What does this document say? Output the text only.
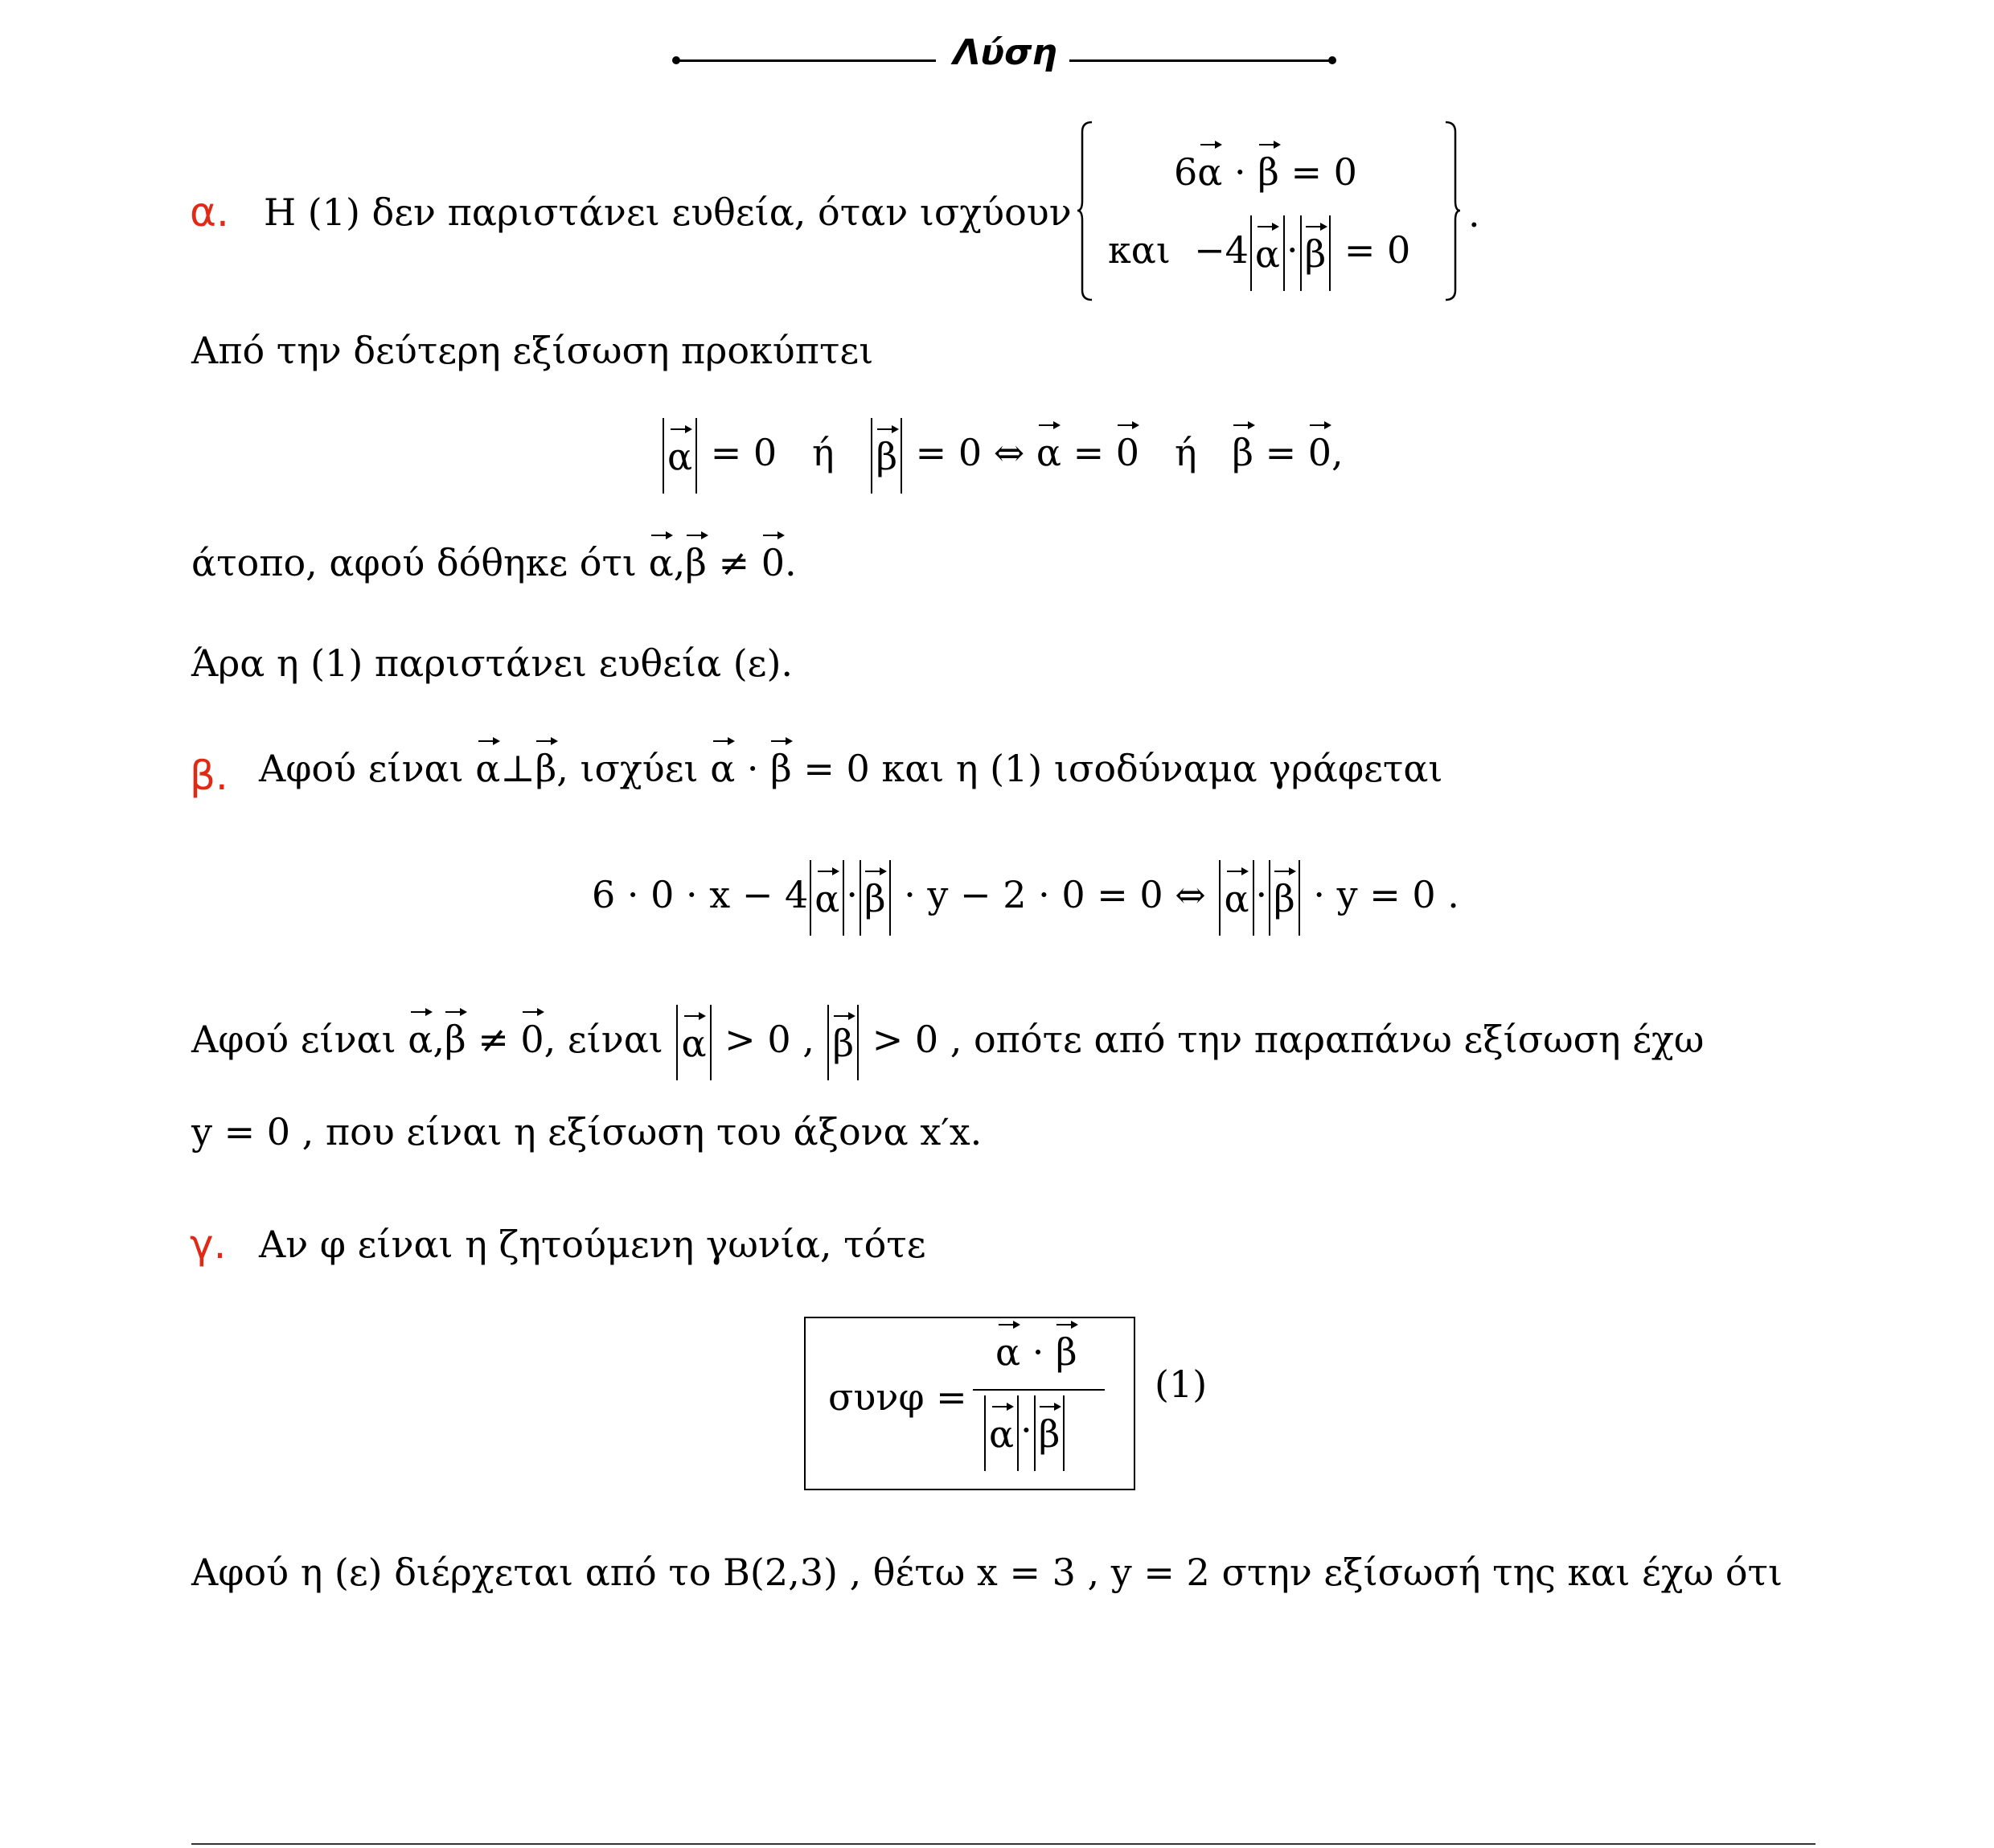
Λύση
α. Η (1) δεν παριστάνει ευθεία, όταν ισχύουν
6α · β = 0
και −4 α · β = 0
.
Από την δεύτερη εξίσωση προκύπτει
α = 0 ή β = 0 ⇔ α = 0 ή β = 0,
άτοπο, αφού δόθηκε ότι α,β ≠ 0.
Άρα η (1) παριστάνει ευθεία (ε).
β. Αφού είναι α⊥β, ισχύει α · β = 0 και η (1) ισοδύναμα γράφεται
6 · 0 · x − 4 α · β · y − 2 · 0 = 0 ⇔ α · β · y = 0 .
Αφού είναι α,β ≠ 0, είναι α > 0 , β > 0 , οπότε από την παραπάνω εξίσωση έχω
y = 0 , που είναι η εξίσωση του άξονα x′x.
γ. Αν φ είναι η ζητούμενη γωνία, τότε
συνφ =
α · β
α · β
(1)
Αφού η (ε) διέρχεται από το Β(2,3) , θέτω x = 3 , y = 2 στην εξίσωσή της και έχω ότι
